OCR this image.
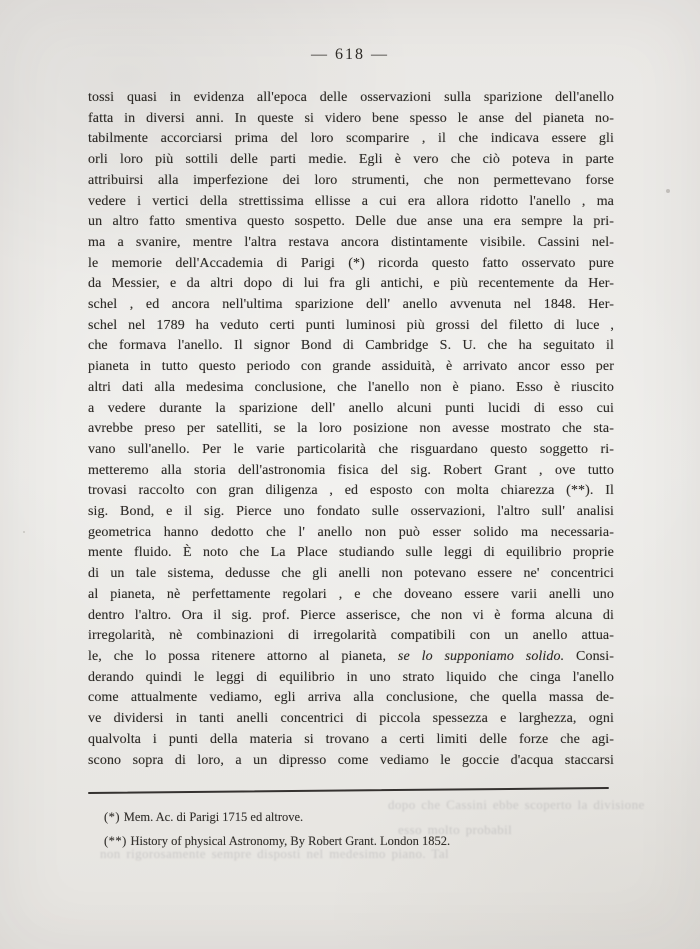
— 618 —
tossi quasi in evidenza all'epoca delle osservazioni sulla sparizione dell'anello
fatta in diversi anni. In queste si videro bene spesso le anse del pianeta no-
tabilmente accorciarsi prima del loro scomparire , il che indicava essere gli
orli loro più sottili delle parti medie. Egli è vero che ciò poteva in parte
attribuirsi alla imperfezione dei loro strumenti, che non permettevano forse
vedere i vertici della strettissima ellisse a cui era allora ridotto l'anello , ma
un altro fatto smentiva questo sospetto. Delle due anse una era sempre la pri-
ma a svanire, mentre l'altra restava ancora distintamente visibile. Cassini nel-
le memorie dell'Accademia di Parigi (*) ricorda questo fatto osservato pure
da Messier, e da altri dopo di lui fra gli antichi, e più recentemente da Her-
schel , ed ancora nell'ultima sparizione dell' anello avvenuta nel 1848. Her-
schel nel 1789 ha veduto certi punti luminosi più grossi del filetto di luce ,
che formava l'anello. Il signor Bond di Cambridge S. U. che ha seguitato il
pianeta in tutto questo periodo con grande assiduità, è arrivato ancor esso per
altri dati alla medesima conclusione, che l'anello non è piano. Esso è riuscito
a vedere durante la sparizione dell' anello alcuni punti lucidi di esso cui
avrebbe preso per satelliti, se la loro posizione non avesse mostrato che sta-
vano sull'anello. Per le varie particolarità che risguardano questo soggetto ri-
metteremo alla storia dell'astronomia fisica del sig. Robert Grant , ove tutto
trovasi raccolto con gran diligenza , ed esposto con molta chiarezza (**). Il
sig. Bond, e il sig. Pierce uno fondato sulle osservazioni, l'altro sull' analisi
geometrica hanno dedotto che l' anello non può esser solido ma necessaria-
mente fluido. È noto che La Place studiando sulle leggi di equilibrio proprie
di un tale sistema, dedusse che gli anelli non potevano essere ne' concentrici
al pianeta, nè perfettamente regolari , e che doveano essere varii anelli uno
dentro l'altro. Ora il sig. prof. Pierce asserisce, che non vi è forma alcuna di
irregolarità, nè combinazioni di irregolarità compatibili con un anello attua-
le, che lo possa ritenere attorno al pianeta, se lo supponiamo solido. Consi-
derando quindi le leggi di equilibrio in uno strato liquido che cinga l'anello
come attualmente vediamo, egli arriva alla conclusione, che quella massa de-
ve dividersi in tanti anelli concentrici di piccola spessezza e larghezza, ogni
qualvolta i punti della materia si trovano a certi limiti delle forze che agi-
scono sopra di loro, a un dipresso come vediamo le goccie d'acqua staccarsi
(*) Mem. Ac. di Parigi 1715 ed altrove.
(**) History of physical Astronomy, By Robert Grant. London 1852.
dopo che Cassini ebbe scoperto la divisione
esso molto probabil
non rigorosamente sempre disposti nel medesimo piano. Tal
